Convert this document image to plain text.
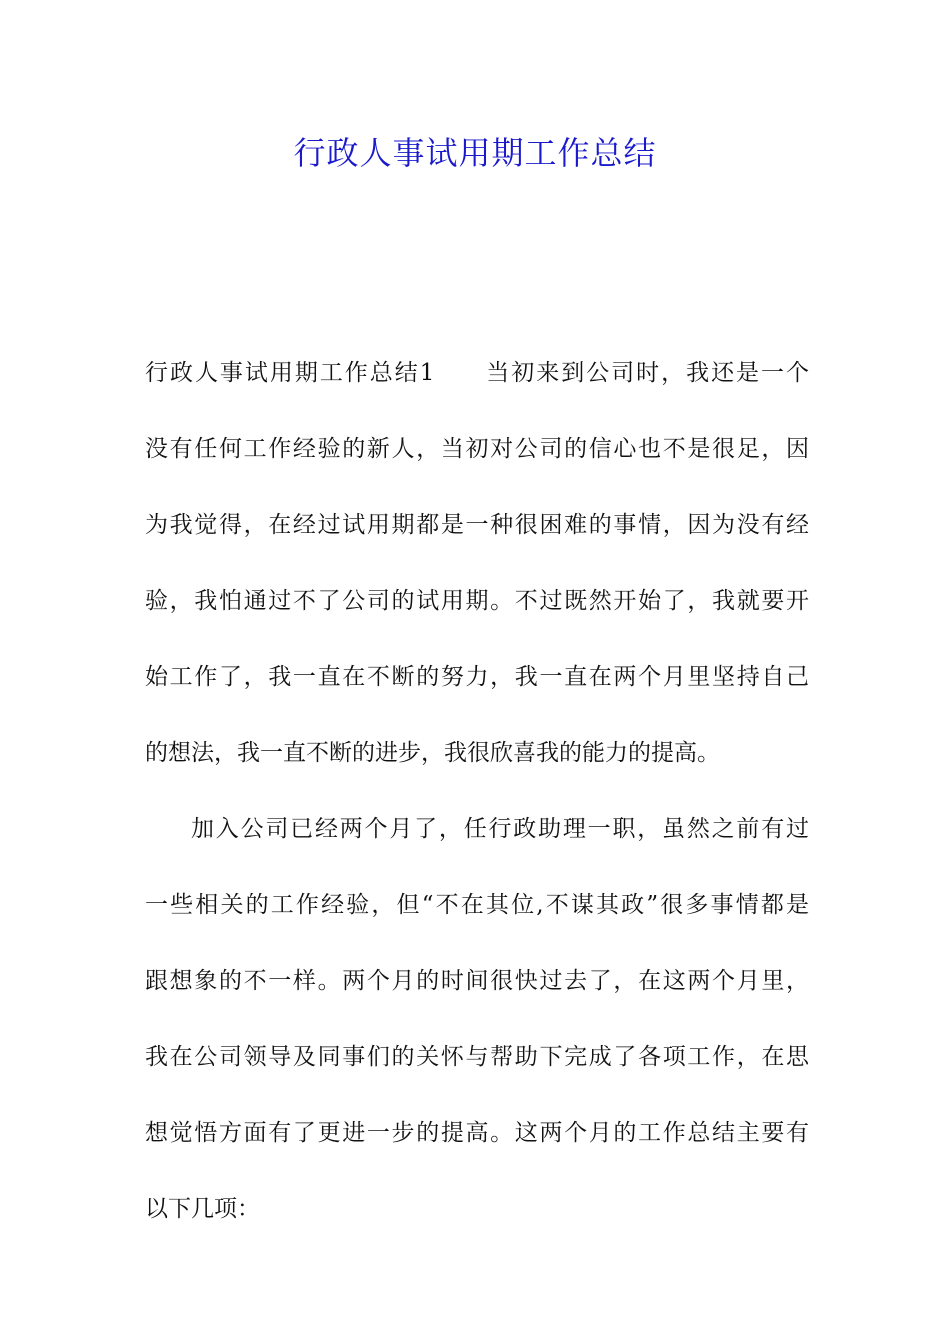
行政人事试用期工作总结
行政人事试用期工作总结1　　当初来到公司时，我还是一个
没有任何工作经验的新人，当初对公司的信心也不是很足，因
为我觉得，在经过试用期都是一种很困难的事情，因为没有经
验，我怕通过不了公司的试用期。不过既然开始了，我就要开
始工作了，我一直在不断的努力，我一直在两个月里坚持自己
的想法，我一直不断的进步，我很欣喜我的能力的提高。
加入公司已经两个月了，任行政助理一职，虽然之前有过
一些相关的工作经验，但“不在其位,不谋其政”很多事情都是
跟想象的不一样。两个月的时间很快过去了，在这两个月里，
我在公司领导及同事们的关怀与帮助下完成了各项工作，在思
想觉悟方面有了更进一步的提高。这两个月的工作总结主要有
以下几项：
